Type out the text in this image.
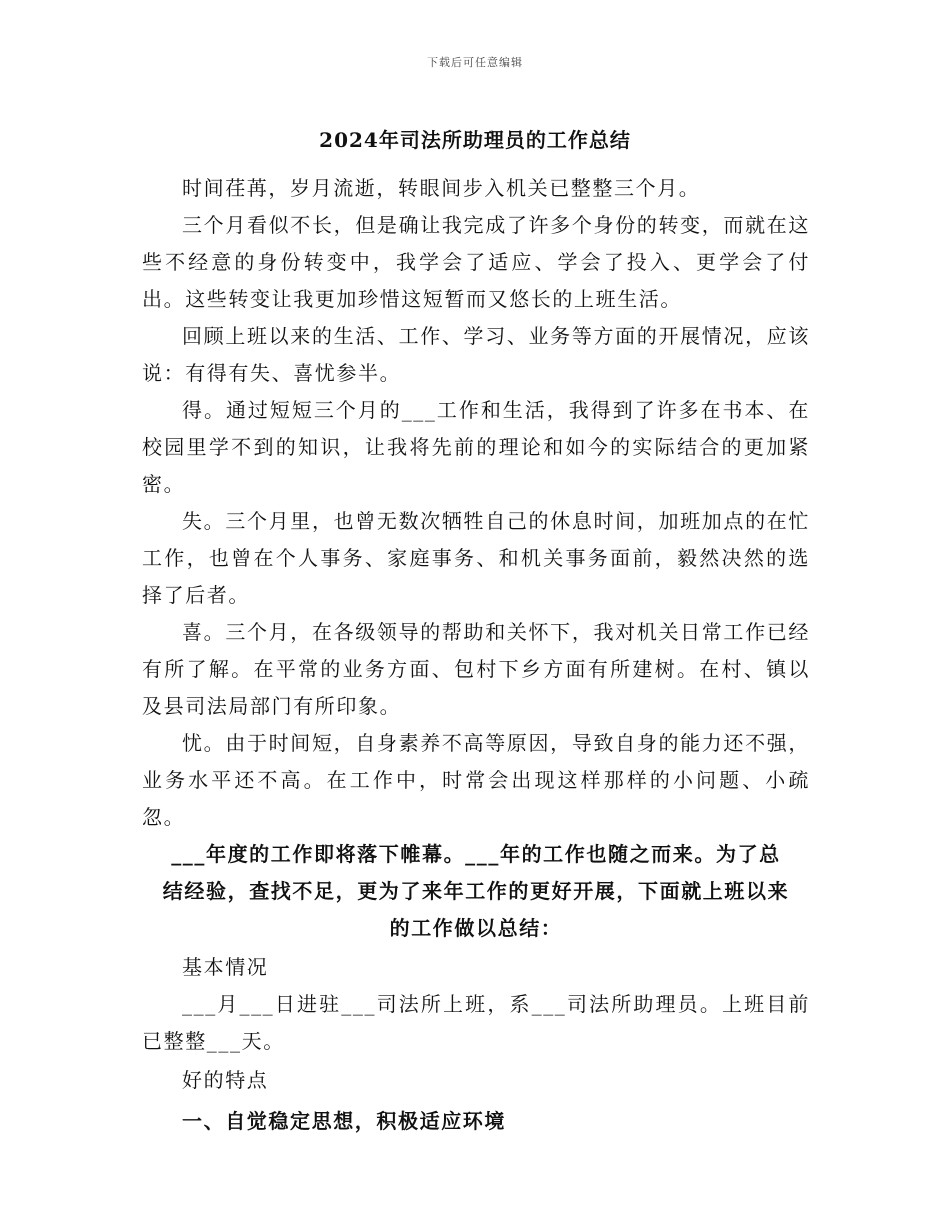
下载后可任意编辑
2024年司法所助理员的工作总结

时间荏苒，岁月流逝，转眼间步入机关已整整三个月。

三个月看似不长，但是确让我完成了许多个身份的转变，而就在这些不经意的身份转变中，我学会了适应、学会了投入、更学会了付出。这些转变让我更加珍惜这短暂而又悠长的上班生活。

回顾上班以来的生活、工作、学习、业务等方面的开展情况，应该说：有得有失、喜忧参半。

得。通过短短三个月的___工作和生活，我得到了许多在书本、在校园里学不到的知识，让我将先前的理论和如今的实际结合的更加紧密。

失。三个月里，也曾无数次牺牲自己的休息时间，加班加点的在忙工作，也曾在个人事务、家庭事务、和机关事务面前，毅然决然的选择了后者。

喜。三个月，在各级领导的帮助和关怀下，我对机关日常工作已经有所了解。在平常的业务方面、包村下乡方面有所建树。在村、镇以及县司法局部门有所印象。

忧。由于时间短，自身素养不高等原因，导致自身的能力还不强，业务水平还不高。在工作中，时常会出现这样那样的小问题、小疏忽。

___年度的工作即将落下帷幕。___年的工作也随之而来。为了总结经验，查找不足，更为了来年工作的更好开展，下面就上班以来的工作做以总结：

基本情况

___月___日进驻___司法所上班，系___司法所助理员。上班目前已整整___天。

好的特点

一、自觉稳定思想，积极适应环境
